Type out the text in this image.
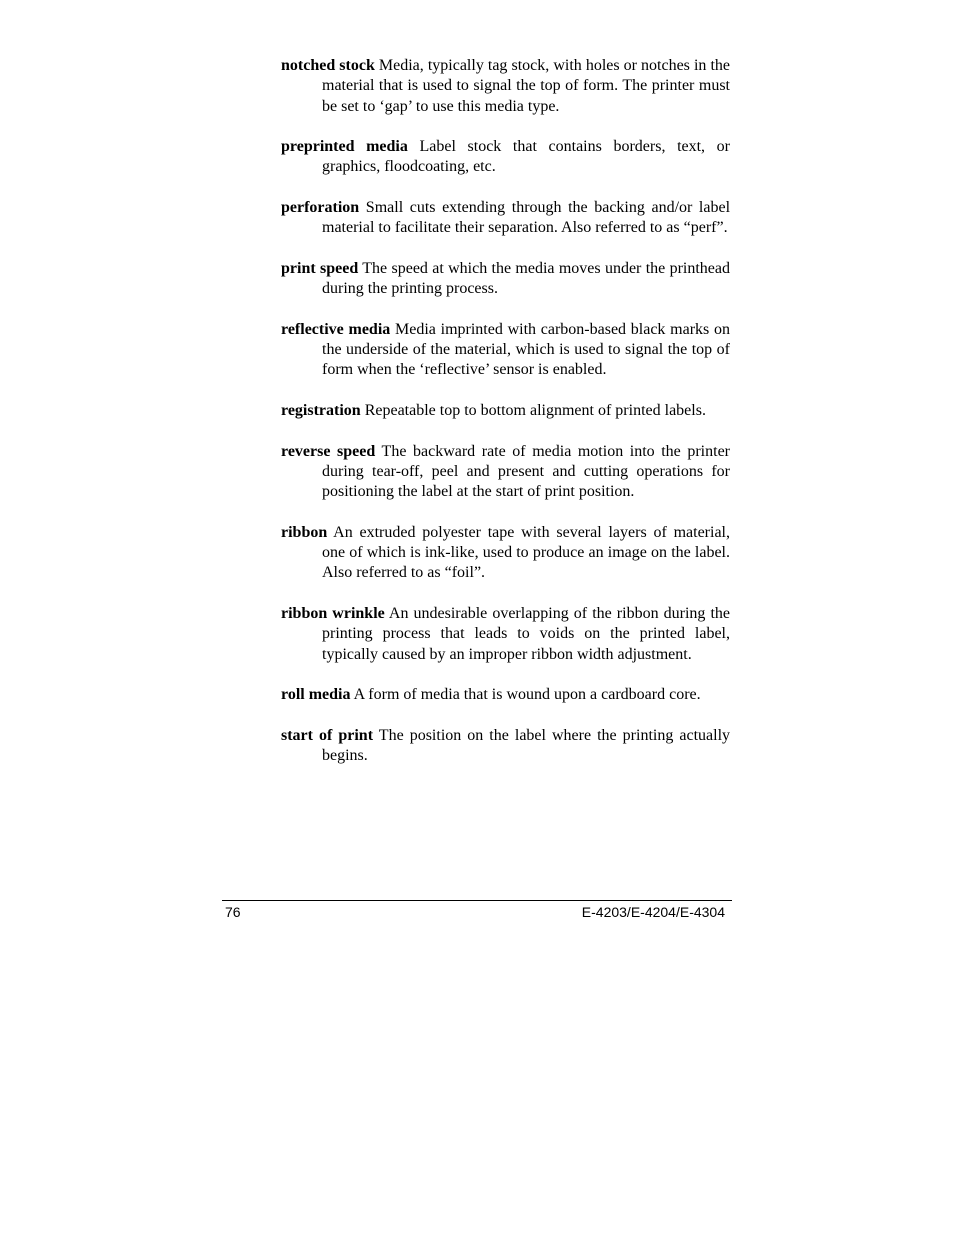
notched stock Media, typically tag stock, with holes or notches in the material that is used to signal the top of form. The printer must be set to ‘gap’ to use this media type.

preprinted media Label stock that contains borders, text, or graphics, floodcoating, etc.

perforation Small cuts extending through the backing and/or label material to facilitate their separation. Also referred to as “perf”.

print speed The speed at which the media moves under the printhead during the printing process.

reflective media Media imprinted with carbon-based black marks on the underside of the material, which is used to signal the top of form when the ‘reflective’ sensor is enabled.

registration Repeatable top to bottom alignment of printed labels.

reverse speed The backward rate of media motion into the printer during tear-off, peel and present and cutting operations for positioning the label at the start of print position.

ribbon An extruded polyester tape with several layers of material, one of which is ink-like, used to produce an image on the label. Also referred to as “foil”.

ribbon wrinkle An undesirable overlapping of the ribbon during the printing process that leads to voids on the printed label, typically caused by an improper ribbon width adjustment.

roll media A form of media that is wound upon a cardboard core.

start of print The position on the label where the printing actually begins.

76	E-4203/E-4204/E-4304
